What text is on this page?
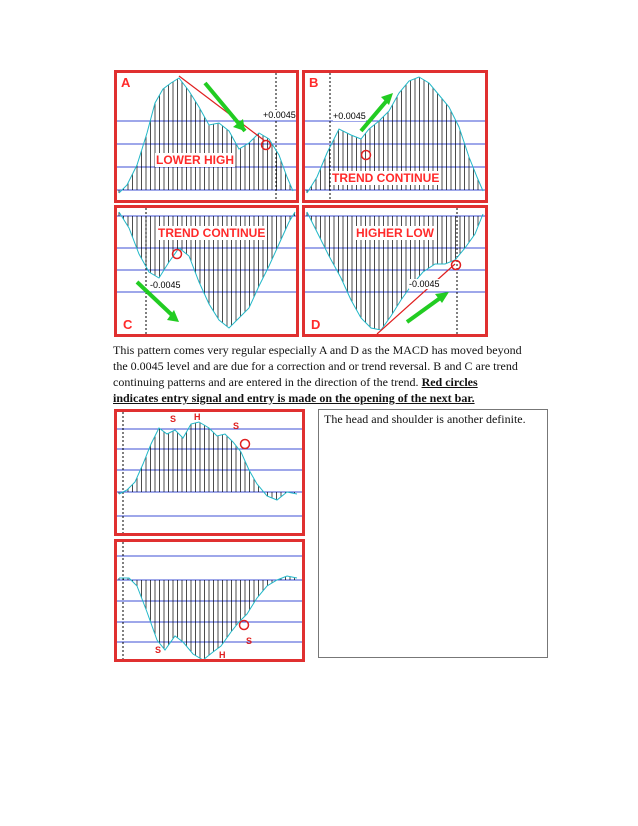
A
LOWER HIGH
+0.0045
B
TREND CONTINUE
+0.0045
C
TREND CONTINUE
-0.0045
D
HIGHER LOW
-0.0045
This pattern comes very regular especially A and D as the MACD has moved beyond the 0.0045 level and are due for a correction and or trend reversal. B and C are trend continuing patterns and are entered in the direction of the trend. Red circles indicates entry signal and entry is made on the opening of the next bar.
S H
S
S	H
S
The head and shoulder is another definite.
